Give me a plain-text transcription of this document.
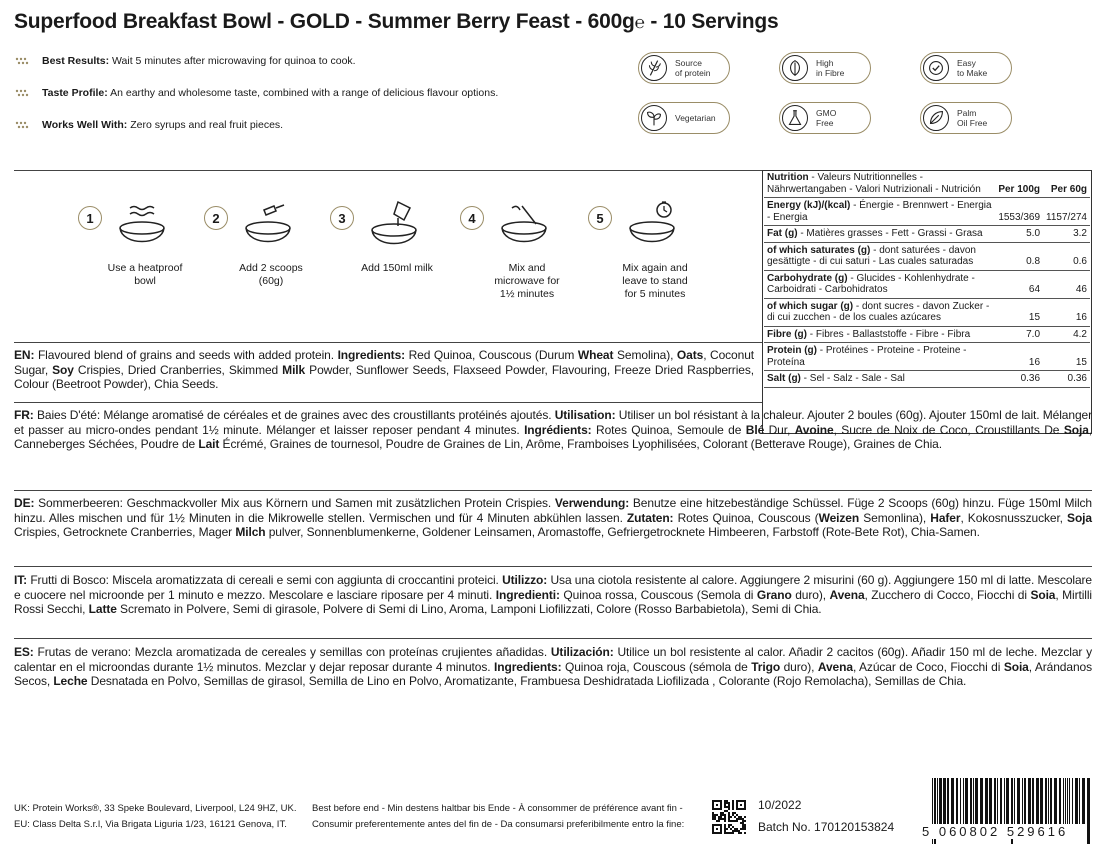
Superfood Breakfast Bowl - GOLD - Summer Berry Feast - 600g℮ - 10 Servings
Best Results: Wait 5 minutes after microwaving for quinoa to cook.
Taste Profile: An earthy and wholesome taste, combined with a range of delicious flavour options.
Works Well With: Zero syrups and real fruit pieces.
Source
of protein
High
in Fibre
Easy
to Make
Vegetarian	GMO
Free
Palm
Oil Free
1
Use a heatproof
bowl
2
Add 2 scoops
(60g)
3
Add 150ml milk
4
Mix and
microwave for
1½ minutes
5
Mix again and
leave to stand
for 5 minutes
Nutrition - Valeurs Nutritionnelles - Nährwertangaben - Valori Nutrizionali - Nutrición	Per 100g	Per 60g
Energy (kJ)/(kcal) - Énergie - Brennwert - Energia - Energia	1553/369	1157/274
Fat (g) - Matières grasses - Fett - Grassi - Grasa	5.0	3.2
of which saturates (g) - dont saturées - davon gesättigte - di cui saturi - Las cuales saturadas	0.8	0.6
Carbohydrate (g) - Glucides - Kohlenhydrate - Carboidrati - Carbohidratos	64	46
of which sugar (g) - dont sucres - davon Zucker - di cui zucchen - de los cuales azúcares	15	16
Fibre (g) - Fibres - Ballaststoffe - Fibre - Fibra	7.0	4.2
Protein (g) - Protéines - Proteine - Proteine - Proteína	16	15
Salt (g) - Sel - Salz - Sale - Sal	0.36	0.36
EN: Flavoured blend of grains and seeds with added protein. Ingredients: Red Quinoa, Couscous (Durum Wheat Semolina), Oats, Coconut Sugar, Soy Crispies, Dried Cranberries, Skimmed Milk Powder, Sunflower Seeds, Flaxseed Powder, Flavouring, Freeze Dried Raspberries, Colour (Beetroot Powder), Chia Seeds.
FR: Baies D'été: Mélange aromatisé de céréales et de graines avec des croustillants protéinés ajoutés. Utilisation: Utiliser un bol résistant à la chaleur. Ajouter 2 boules (60g). Ajouter 150ml de lait. Mélanger et passer au micro-ondes pendant 1½ minute. Mélanger et laisser reposer pendant 4 minutes. Ingrédients: Rotes Quinoa, Semoule de Blé Dur, Avoine, Sucre de Noix de Coco, Croustillants De Soja, Canneberges Séchées, Poudre de Lait Écrémé, Graines de tournesol, Poudre de Graines de Lin, Arôme, Framboises Lyophilisées, Colorant (Betterave Rouge), Graines de Chia.
DE: Sommerbeeren: Geschmackvoller Mix aus Körnern und Samen mit zusätzlichen Protein Crispies. Verwendung: Benutze eine hitzebeständige Schüssel. Füge 2 Scoops (60g) hinzu. Füge 150ml Milch hinzu. Alles mischen und für 1½ Minuten in die Mikrowelle stellen. Vermischen und für 4 Minuten abkühlen lassen. Zutaten: Rotes Quinoa, Couscous (Weizen Semonlina), Hafer, Kokosnusszucker, Soja Crispies, Getrocknete Cranberries, Mager Milch pulver, Sonnenblumenkerne, Goldener Leinsamen, Aromastoffe, Gefriergetrocknete Himbeeren, Farbstoff (Rote-Bete Rot), Chia-Samen.
IT: Frutti di Bosco: Miscela aromatizzata di cereali e semi con aggiunta di croccantini proteici. Utilizzo: Usa una ciotola resistente al calore. Aggiungere 2 misurini (60 g). Aggiungere 150 ml di latte. Mescolare e cuocere nel microonde per 1 minuto e mezzo. Mescolare e lasciare riposare per 4 minuti. Ingredienti: Quinoa rossa, Couscous (Semola di Grano duro), Avena, Zucchero di Cocco, Fiocchi di Soia, Mirtilli Rossi Secchi, Latte Scremato in Polvere, Semi di girasole, Polvere di Semi di Lino, Aroma, Lamponi Liofilizzati, Colore (Rosso Barbabietola), Semi di Chia.
ES: Frutas de verano: Mezcla aromatizada de cereales y semillas con proteínas crujientes añadidas. Utilización: Utilice un bol resistente al calor. Añadir 2 cacitos (60g). Añadir 150 ml de leche. Mezclar y calentar en el microondas durante 1½ minutos. Mezclar y dejar reposar durante 4 minutos. Ingredients: Quinoa roja, Couscous (sémola de Trigo duro), Avena, Azúcar de Coco, Fiocchi di Soia, Arándanos Secos, Leche Desnatada en Polvo, Semillas de girasol, Semilla de Lino en Polvo, Aromatizante, Frambuesa Deshidratada Liofilizada , Colorante (Rojo Remolacha), Semillas de Chia.
UK: Protein Works®, 33 Speke Boulevard, Liverpool, L24 9HZ, UK.
EU: Class Delta S.r.l, Via Brigata Liguria 1/23, 16121 Genova, IT.
Best before end - Min destens haltbar bis Ende - À consommer de préférence avant fin -
Consumir preferentemente antes del fin de - Da consumarsi preferibilmente entro la fine:
10/2022
Batch No. 170120153824 5 060802 529616
